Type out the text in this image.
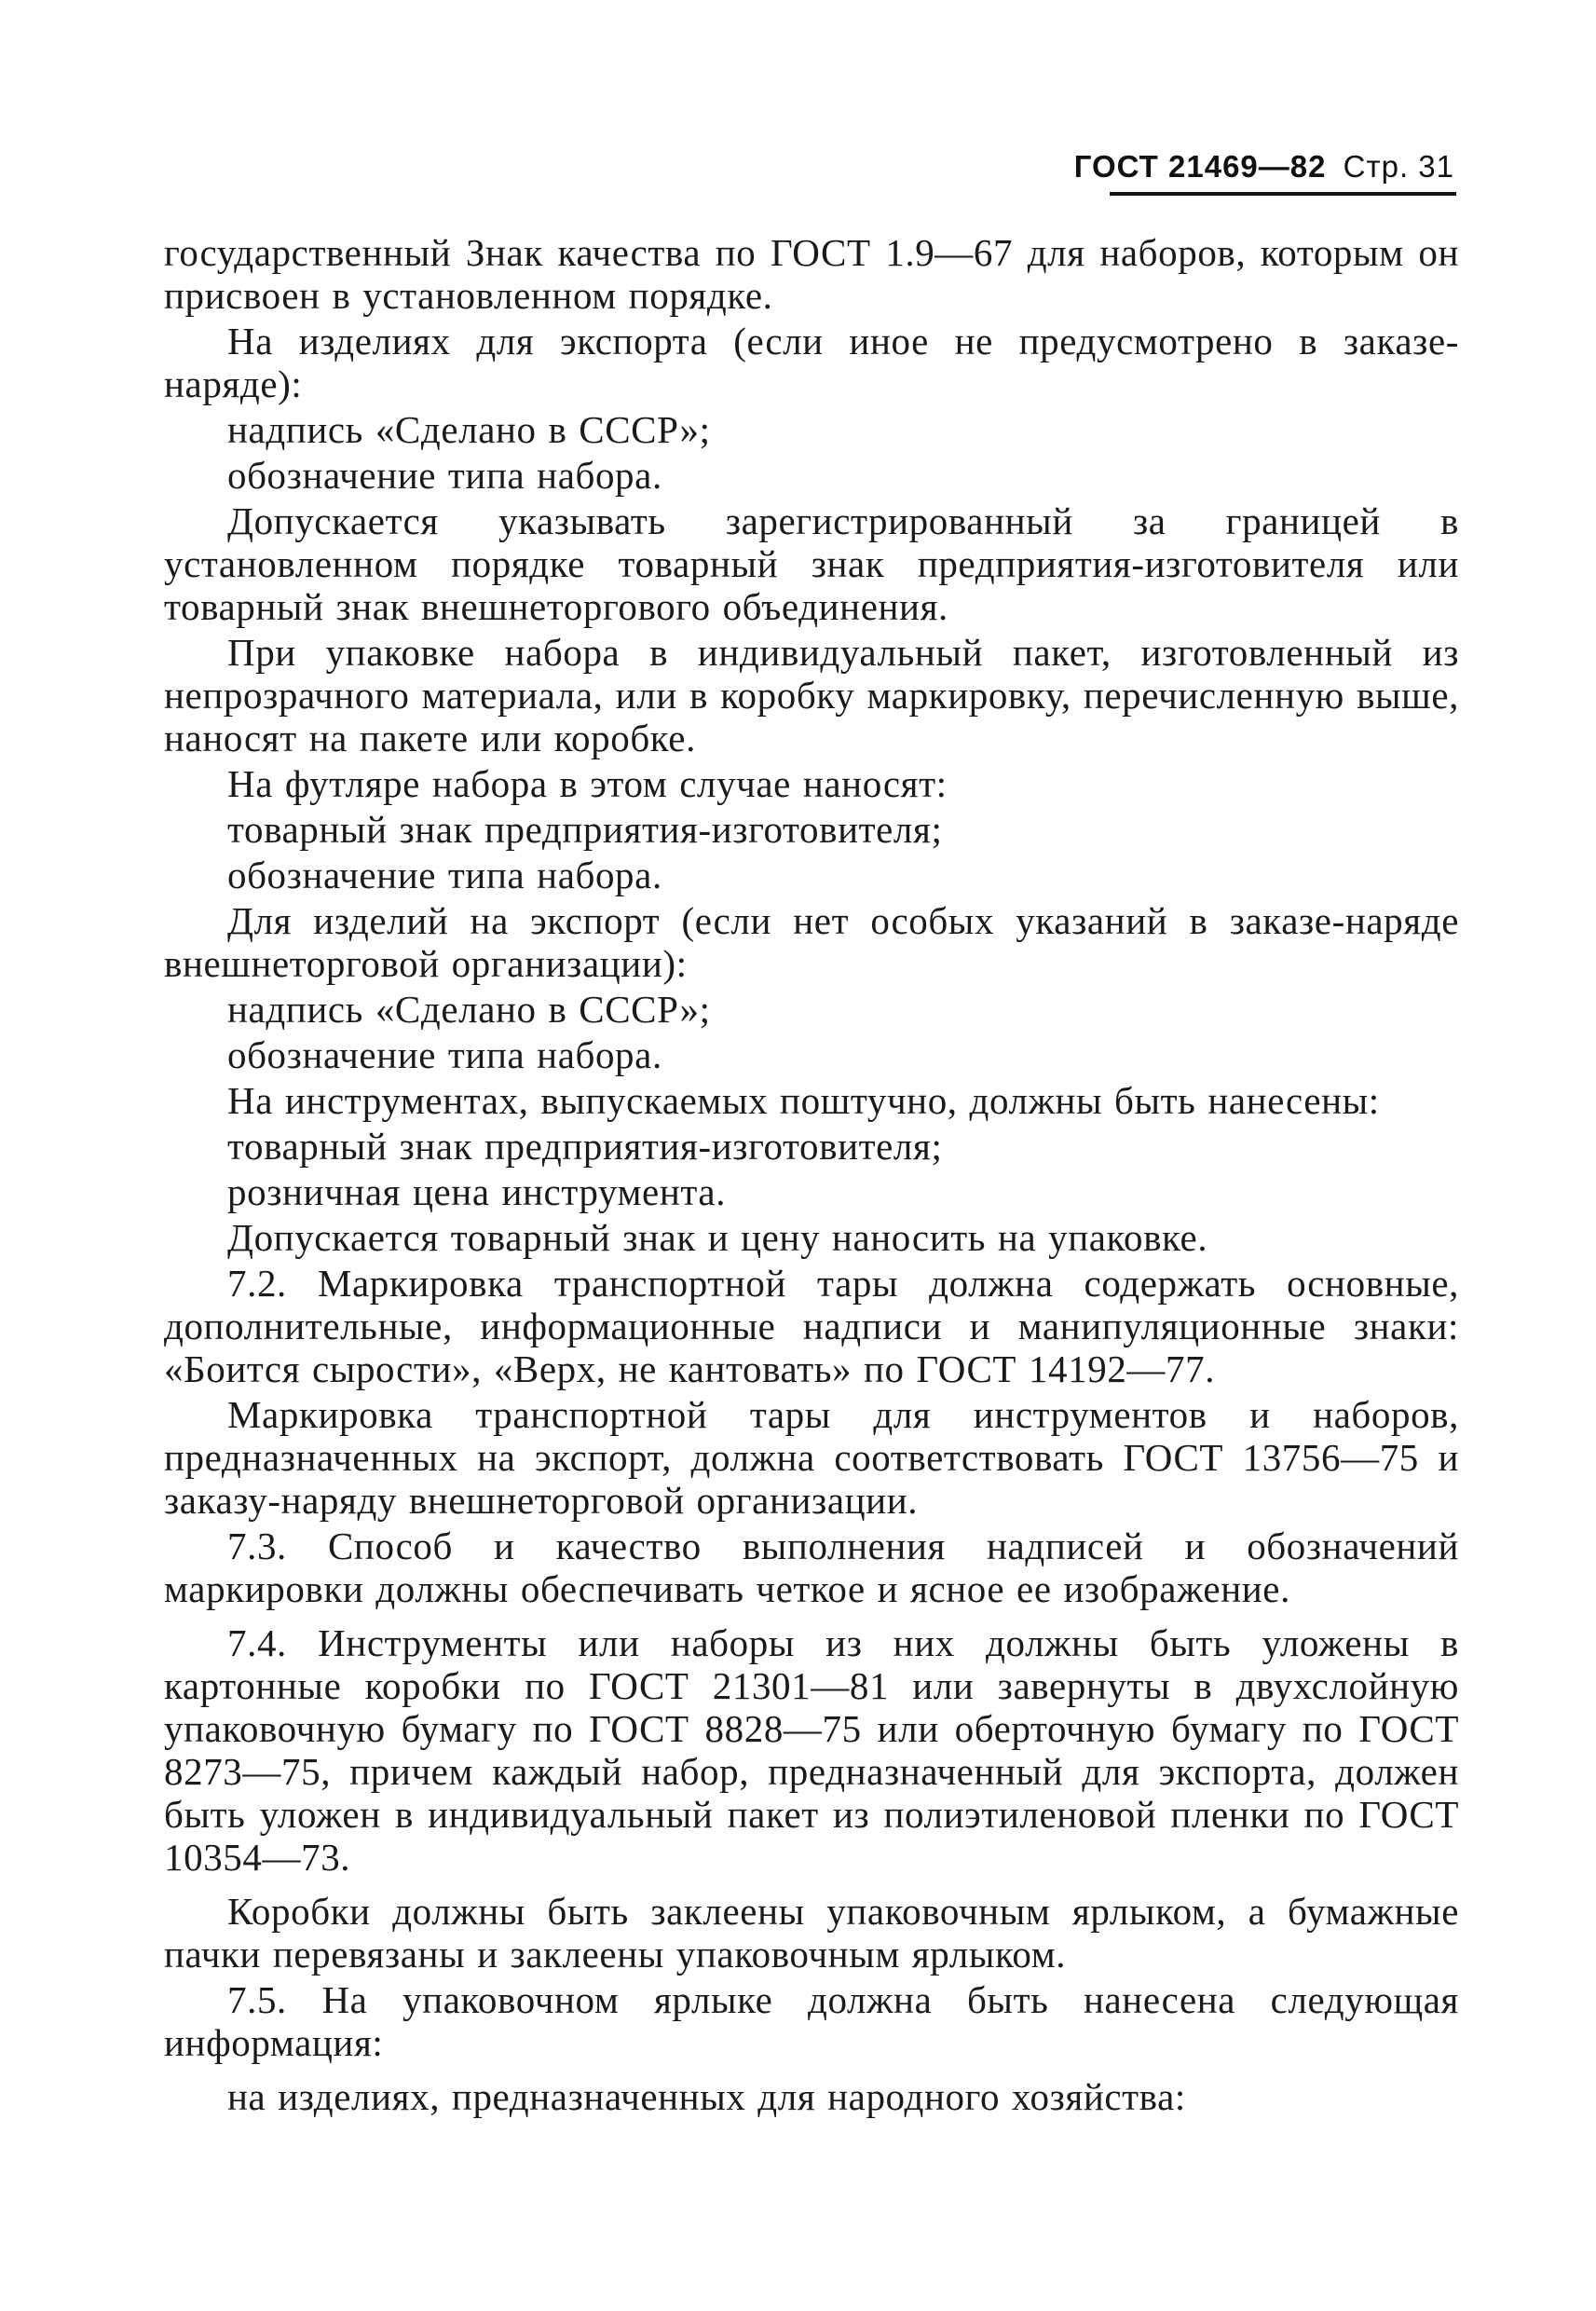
ГОСТ 21469—82 Стр. 31

государственный Знак качества по ГОСТ 1.9—67 для наборов, которым он присвоен в установленном порядке.

На изделиях для экспорта (если иное не предусмотрено в заказе-наряде):

надпись «Сделано в СССР»;

обозначение типа набора.

Допускается указывать зарегистрированный за границей в установленном порядке товарный знак предприятия-изготовителя или товарный знак внешнеторгового объединения.

При упаковке набора в индивидуальный пакет, изготовленный из непрозрачного материала, или в коробку маркировку, перечисленную выше, наносят на пакете или коробке.

На футляре набора в этом случае наносят:

товарный знак предприятия-изготовителя;

обозначение типа набора.

Для изделий на экспорт (если нет особых указаний в заказе-наряде внешнеторговой организации):

надпись «Сделано в СССР»;

обозначение типа набора.

На инструментах, выпускаемых поштучно, должны быть нанесены:

товарный знак предприятия-изготовителя;

розничная цена инструмента.

Допускается товарный знак и цену наносить на упаковке.

7.2. Маркировка транспортной тары должна содержать основные, дополнительные, информационные надписи и манипуляционные знаки: «Боится сырости», «Верх, не кантовать» по ГОСТ 14192—77.

Маркировка транспортной тары для инструментов и наборов, предназначенных на экспорт, должна соответствовать ГОСТ 13756—75 и заказу-наряду внешнеторговой организации.

7.3. Способ и качество выполнения надписей и обозначений маркировки должны обеспечивать четкое и ясное ее изображение.

7.4. Инструменты или наборы из них должны быть уложены в картонные коробки по ГОСТ 21301—81 или завернуты в двухслойную упаковочную бумагу по ГОСТ 8828—75 или оберточную бумагу по ГОСТ 8273—75, причем каждый набор, предназначенный для экспорта, должен быть уложен в индивидуальный пакет из полиэтиленовой пленки по ГОСТ 10354—73.

Коробки должны быть заклеены упаковочным ярлыком, а бумажные пачки перевязаны и заклеены упаковочным ярлыком.

7.5. На упаковочном ярлыке должна быть нанесена следующая информация:

на изделиях, предназначенных для народного хозяйства:
